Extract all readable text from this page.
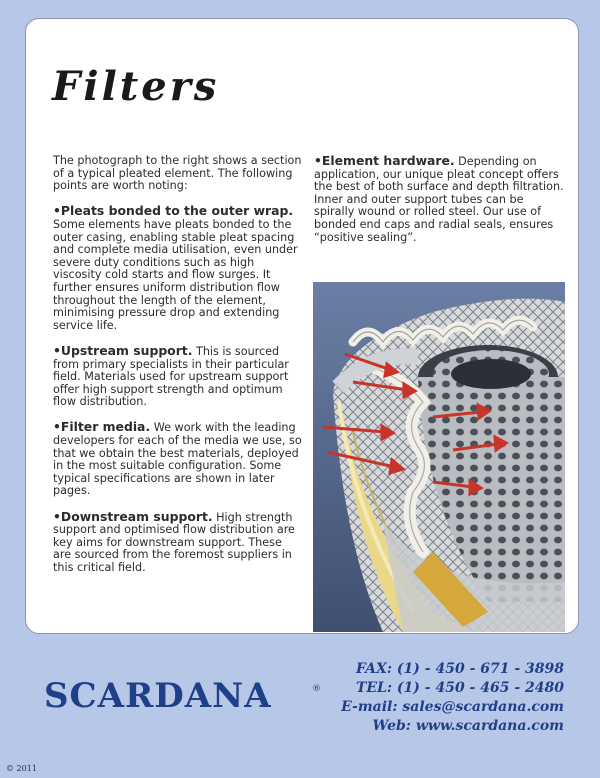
Filters

The photograph to the right shows a section of a typical pleated element. The following points are worth noting:

•Pleats bonded to the outer wrap. Some elements have pleats bonded to the outer casing, enabling stable pleat spacing and complete media utilisation, even under severe duty conditions such as high viscosity cold starts and flow surges. It further ensures uniform distribution flow throughout the length of the element, minimising pressure drop and extending service life.

•Upstream support. This is sourced from primary specialists in their particular field. Materials used for upstream support offer high support strength and optimum flow distribution.

•Filter media. We work with the leading developers for each of the media we use, so that we obtain the best materials, deployed in the most suitable configuration. Some typical specifications are shown in later pages.

•Downstream support. High strength support and optimised flow distribution are key aims for downstream support. These are sourced from the foremost suppliers in this critical field.

•Element hardware. Depending on application, our unique pleat concept offers the best of both surface and depth filtration. Inner and outer support tubes can be spirally wound or rolled steel. Our use of bonded end caps and radial seals, ensures “positive sealing”.

SCARDANA	®
FAX: (1) - 450 - 671 - 3898
TEL: (1) - 450 - 465 - 2480
E-mail: sales@scardana.com
Web: www.scardana.com
© 2011
